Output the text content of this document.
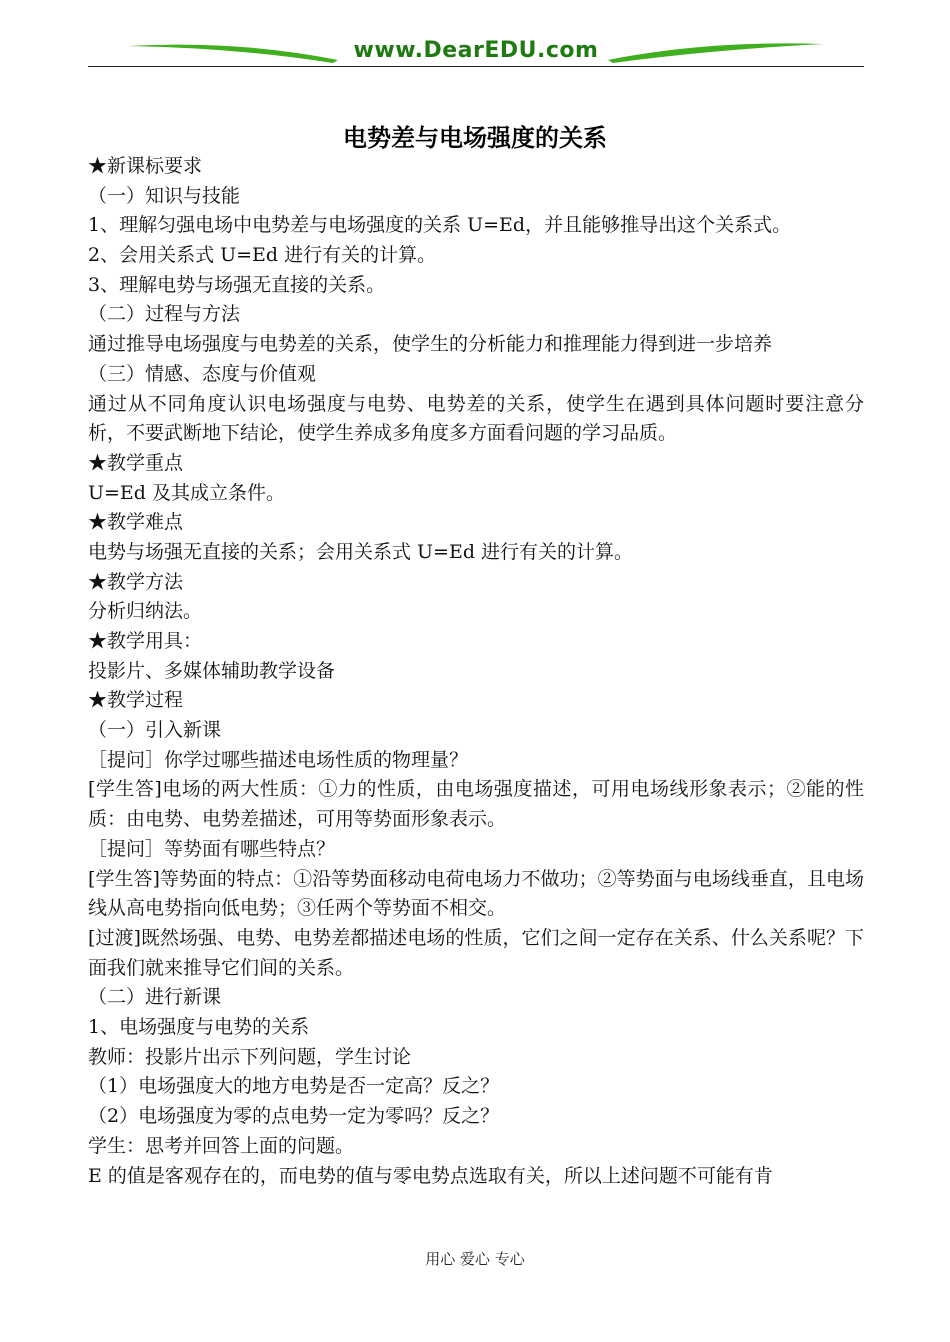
www.DearEDU.com
电势差与电场强度的关系
★新课标要求
（一）知识与技能
1、理解匀强电场中电势差与电场强度的关系 U=Ed，并且能够推导出这个关系式。
2、会用关系式 U=Ed 进行有关的计算。
3、理解电势与场强无直接的关系。
（二）过程与方法
通过推导电场强度与电势差的关系，使学生的分析能力和推理能力得到进一步培养
（三）情感、态度与价值观
通过从不同角度认识电场强度与电势、电势差的关系，使学生在遇到具体问题时要注意分析，不要武断地下结论，使学生养成多角度多方面看问题的学习品质。
★教学重点
U=Ed 及其成立条件。
★教学难点
电势与场强无直接的关系；会用关系式 U=Ed 进行有关的计算。
★教学方法
分析归纳法。
★教学用具：
投影片、多媒体辅助教学设备
★教学过程
（一）引入新课
［提问］你学过哪些描述电场性质的物理量？
[学生答]电场的两大性质：①力的性质，由电场强度描述，可用电场线形象表示；②能的性质：由电势、电势差描述，可用等势面形象表示。
［提问］等势面有哪些特点？
[学生答]等势面的特点：①沿等势面移动电荷电场力不做功；②等势面与电场线垂直，且电场线从高电势指向低电势；③任两个等势面不相交。
[过渡]既然场强、电势、电势差都描述电场的性质，它们之间一定存在关系、什么关系呢？下面我们就来推导它们间的关系。
（二）进行新课
1、电场强度与电势的关系
教师：投影片出示下列问题，学生讨论
（1）电场强度大的地方电势是否一定高？反之？
（2）电场强度为零的点电势一定为零吗？反之？
学生：思考并回答上面的问题。
E 的值是客观存在的，而电势的值与零电势点选取有关，所以上述问题不可能有肯
用心 爱心 专心
